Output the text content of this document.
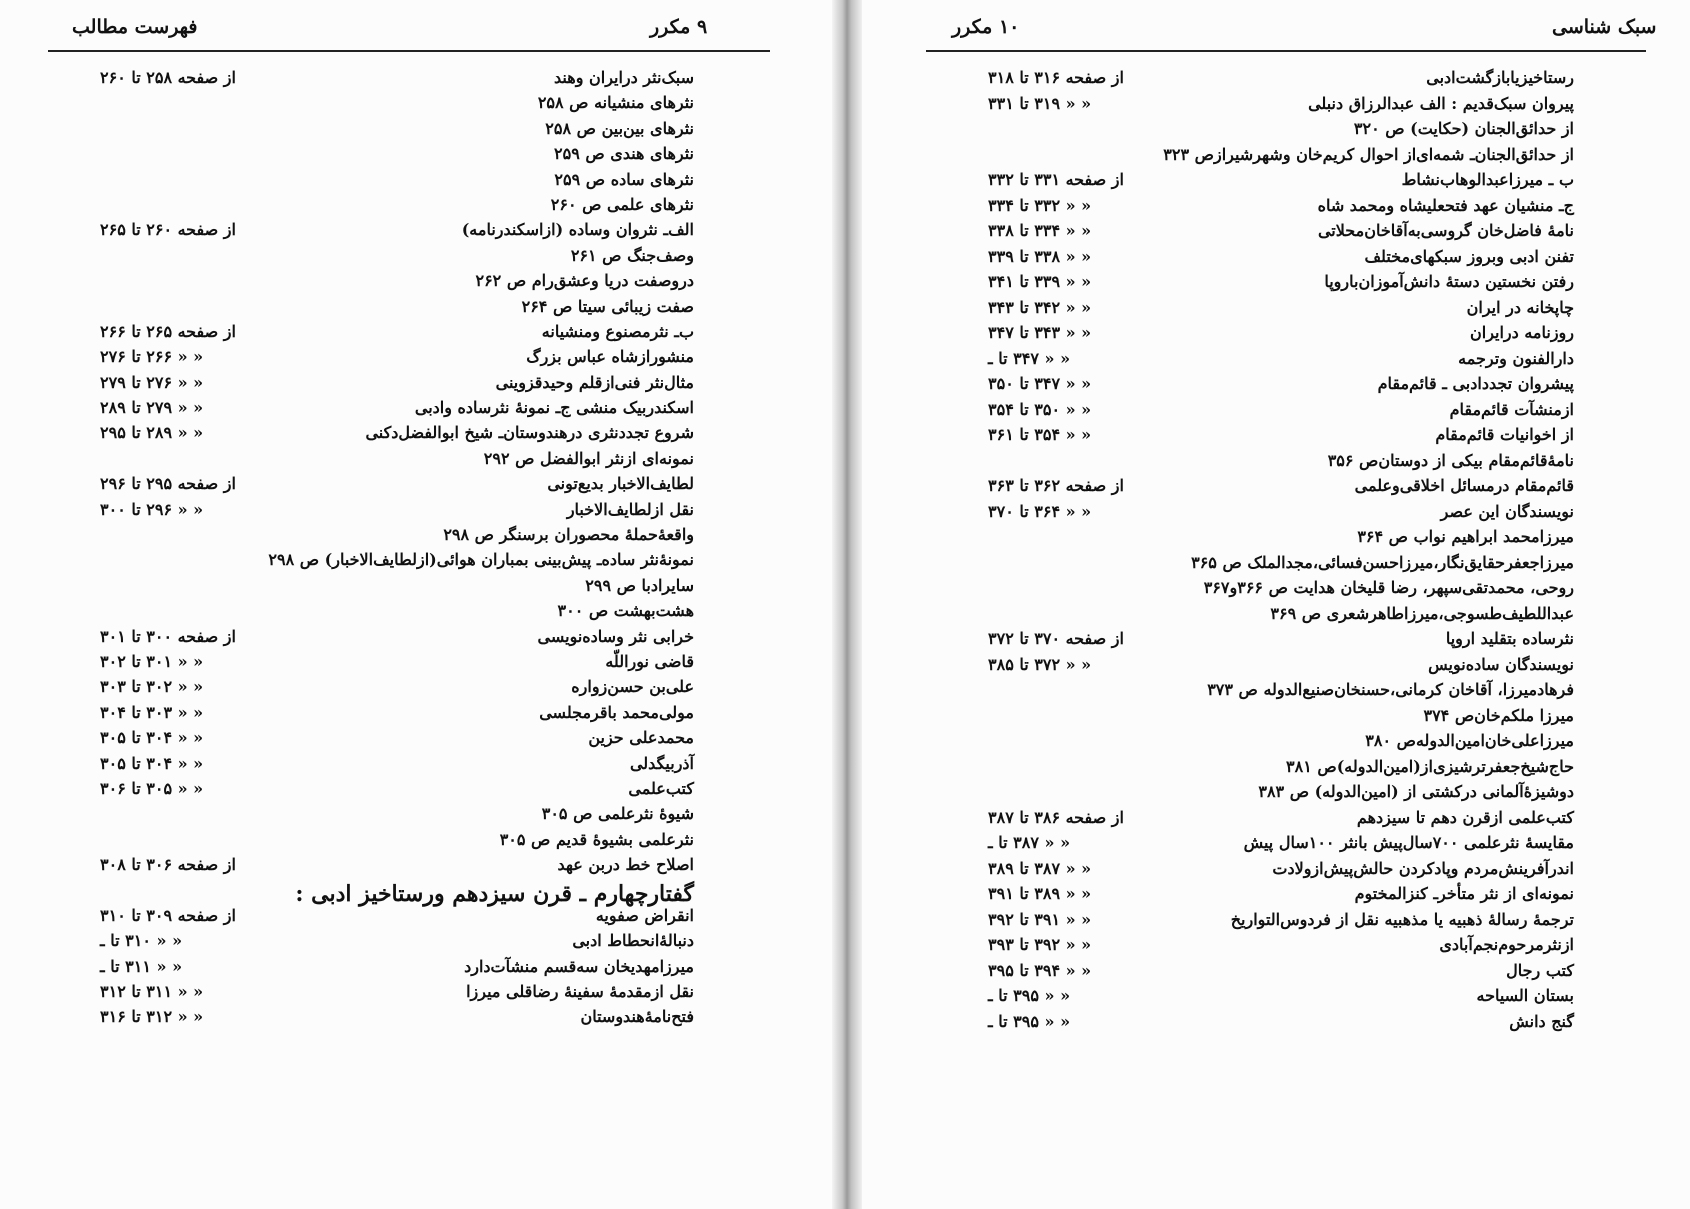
فهرست مطالب	۹ مکرر
سبک‌نثر درایران وهند
از صفحه ۲۵۸ تا ۲۶۰
نثرهای منشیانه ص ۲۵۸
نثرهای بین‌بین ص ۲۵۸
نثرهای هندی ص ۲۵۹
نثرهای ساده ص ۲۵۹
نثرهای علمی ص ۲۶۰
الف‌ـ نثروان وساده (ازاسکندرنامه)
از صفحه ۲۶۰ تا ۲۶۵
وصف‌جنگ ص ۲۶۱
دروصفت دریا وعشق‌رام ص ۲۶۲
صفت زیبائی سیتا ص ۲۶۴
ب‌ـ نثرمصنوع ومنشیانه
از صفحه ۲۶۵ تا ۲۶۶
منشورازشاه عباس بزرگ
« « ۲۶۶ تا ۲۷۶
مثال‌نثر فنی‌ازقلم وحیدقزوینی
« « ۲۷۶ تا ۲۷۹
اسکندربیک منشی ج‌ـ نمونهٔ نثرساده وادبی
« « ۲۷۹ تا ۲۸۹
شروع تجددنثری درهندوستان‌ـ شیخ ابوالفضل‌دکنی
« « ۲۸۹ تا ۲۹۵
نمونه‌ای ازنثر ابوالفضل ص ۲۹۲
لطایف‌الاخبار بدیع‌تونی
از صفحه ۲۹۵ تا ۲۹۶
نقل ازلطایف‌الاخبار
« « ۲۹۶ تا ۳۰۰
واقعهٔ‌حملهٔ محصوران برسنگر ص ۲۹۸
نمونهٔ‌نثر ساده‌ـ پیش‌بینی بمباران هوائی(ازلطایف‌الاخبار) ص ۲۹۸
سایرادبا ص ۲۹۹
هشت‌بهشت ص ۳۰۰
خرابی نثر وساده‌نویسی
از صفحه ۳۰۰ تا ۳۰۱
قاضی نوراللّه
« « ۳۰۱ تا ۳۰۲
علی‌بن حسن‌زواره
« « ۳۰۲ تا ۳۰۳
مولی‌محمد باقرمجلسی
« « ۳۰۳ تا ۳۰۴
محمدعلی حزین
« « ۳۰۴ تا ۳۰۵
آذربیگدلی
« « ۳۰۴ تا ۳۰۵
کتب‌علمی
« « ۳۰۵ تا ۳۰۶
شیوهٔ نثرعلمی ص ۳۰۵
نثرعلمی بشیوهٔ قدیم ص ۳۰۵
اصلاح خط دربن عهد
از صفحه ۳۰۶ تا ۳۰۸
گفتارچهارم ـ قرن سیزدهم ورستاخیز ادبی :
انقراض صفویه
از صفحه ۳۰۹ تا ۳۱۰
دنبالهٔ‌انحطاط ادبی
« « ۳۱۰ تا ـ
میرزامهدیخان سه‌قسم منشآت‌دارد
« « ۳۱۱ تا ـ
نقل ازمقدمهٔ سفینهٔ رضاقلی میرزا
« « ۳۱۱ تا ۳۱۲
فتح‌نامهٔ‌هندوستان
« « ۳۱۲ تا ۳۱۶
۱۰ مکرر	سبک شناسی
رستاخیزیابازگشت‌ادبی
از صفحه ۳۱۶ تا ۳۱۸
پیروان سبک‌قدیم : الف عبدالرزاق دنبلی
« « ۳۱۹ تا ۳۳۱
از حدائق‌الجنان (حکایت) ص ۳۲۰
از حدائق‌الجنان‌ـ شمه‌ای‌از احوال کریم‌خان وشهرشیرازص ۳۲۳
ب ـ میرزاعبدالوهاب‌نشاط
از صفحه ۳۳۱ تا ۳۳۲
ج‌ـ منشیان عهد فتحعلیشاه ومحمد شاه
« « ۳۳۲ تا ۳۳۴
نامهٔ فاضل‌خان گروسی‌به‌آقاخان‌محلاتی
« « ۳۳۴ تا ۳۳۸
تفنن ادبی وبروز سبکهای‌مختلف
« « ۳۳۸ تا ۳۳۹
رفتن نخستین دستهٔ دانش‌آموزان‌باروپا
« « ۳۳۹ تا ۳۴۱
چاپخانه در ایران
« « ۳۴۲ تا ۳۴۳
روزنامه درایران
« « ۳۴۳ تا ۳۴۷
دارالفنون وترجمه
« « ۳۴۷ تا ـ
پیشروان تجددادبی ‌ـ قائم‌مقام
« « ۳۴۷ تا ۳۵۰
ازمنشآت قائم‌مقام
« « ۳۵۰ تا ۳۵۴
از اخوانیات قائم‌مقام
« « ۳۵۴ تا ۳۶۱
نامهٔ‌قائم‌مقام بیکی از دوستان‌ص ۳۵۶
قائم‌مقام درمسائل اخلاقی‌وعلمی
از صفحه ۳۶۲ تا ۳۶۳
نویسندگان این عصر
« « ۳۶۴ تا ۳۷۰
میرزامحمد ابراهیم نواب ص ۳۶۴
میرزاجعفرحقایق‌نگار،میرزاحسن‌فسائی،مجدالملک ص ۳۶۵
روحی، محمدتقی‌سپهر، رضا قلیخان هدایت ص ۳۶۶و۳۶۷
عبداللطیف‌طسوجی،میرزاطاهرشعری ص ۳۶۹
نثرساده بتقلید اروپا
از صفحه ۳۷۰ تا ۳۷۲
نویسندگان ساده‌نویس
« « ۳۷۲ تا ۳۸۵
فرهادمیرزا، آقاخان کرمانی،حسنخان‌صنیع‌الدوله ص ۳۷۳
میرزا ملکم‌خان‌ص ۳۷۴
میرزاعلی‌خان‌امین‌الدوله‌ص ۳۸۰
حاج‌شیخ‌جعفرترشیزی‌از(امین‌الدوله)ص ۳۸۱
دوشیزهٔ‌آلمانی درکشتی از (امین‌الدوله) ص ۳۸۳
کتب‌علمی ازقرن دهم تا سیزدهم
از صفحه ۳۸۶ تا ۳۸۷
مقایسهٔ نثرعلمی ۷۰۰سال‌پیش بانثر ۱۰۰سال پیش
« « ۳۸۷ تا ـ
اندرآفرینش‌مردم وپادکردن حالش‌پیش‌ازولادت
« « ۳۸۷ تا ۳۸۹
نمونه‌ای از نثر متأخرـ کنزالمختوم
« « ۳۸۹ تا ۳۹۱
ترجمهٔ رسالهٔ ذهبیه یا مذهبیه نقل از فردوس‌التواریخ
« « ۳۹۱ تا ۳۹۲
ازنثرمرحوم‌نجم‌آبادی
« « ۳۹۲ تا ۳۹۳
کتب رجال
« « ۳۹۴ تا ۳۹۵
بستان السیاحه
« « ۳۹۵ تا ـ
گنج دانش
« « ۳۹۵ تا ـ
